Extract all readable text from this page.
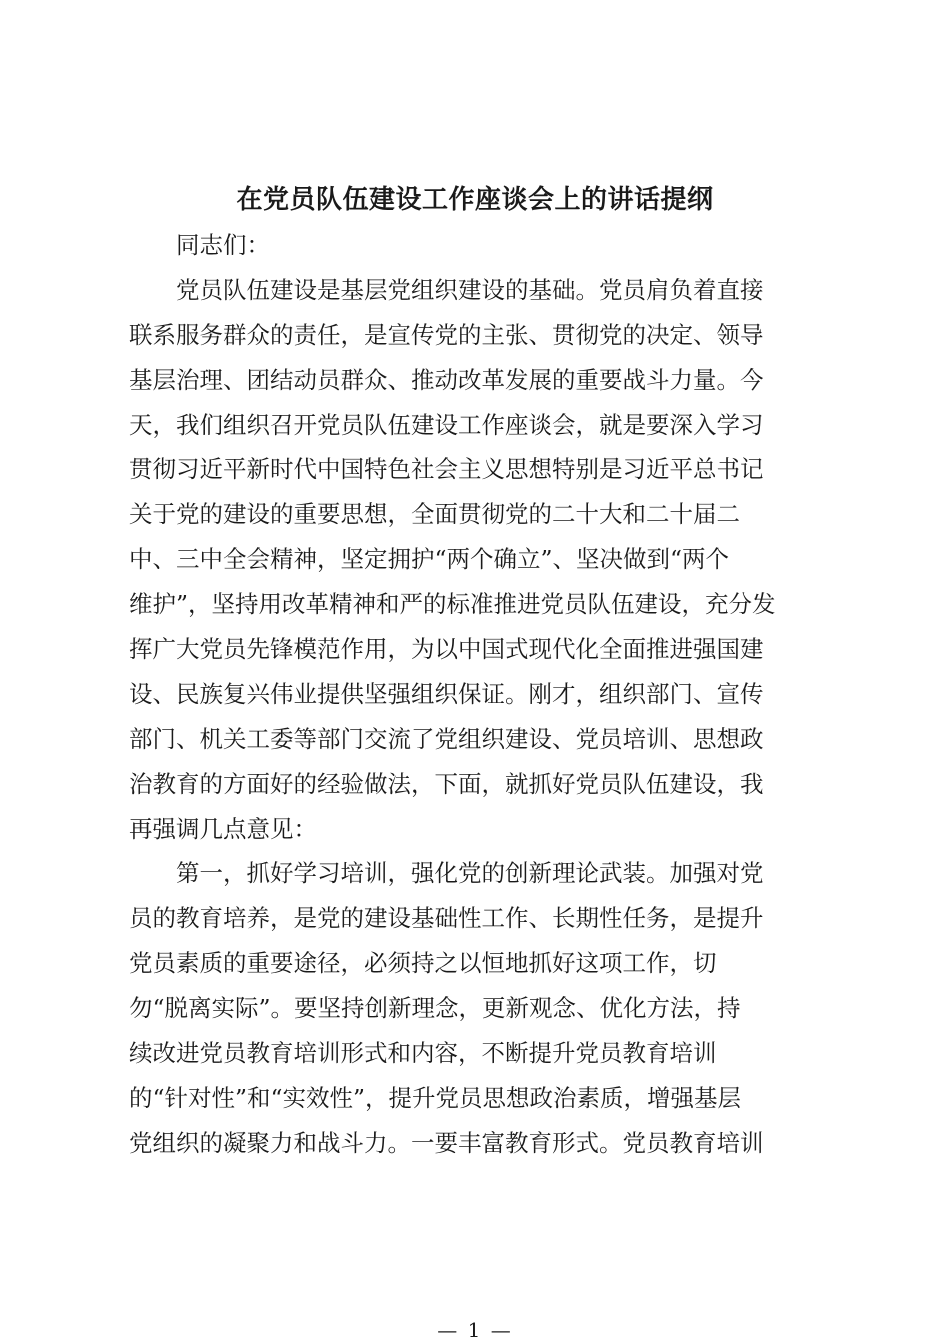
在党员队伍建设工作座谈会上的讲话提纲
同志们：
党员队伍建设是基层党组织建设的基础。党员肩负着直接
联系服务群众的责任，是宣传党的主张、贯彻党的决定、领导
基层治理、团结动员群众、推动改革发展的重要战斗力量。今
天，我们组织召开党员队伍建设工作座谈会，就是要深入学习
贯彻习近平新时代中国特色社会主义思想特别是习近平总书记
关于党的建设的重要思想，全面贯彻党的二十大和二十届二
中、三中全会精神，坚定拥护“两个确立”、坚决做到“两个
维护”，坚持用改革精神和严的标准推进党员队伍建设，充分发
挥广大党员先锋模范作用，为以中国式现代化全面推进强国建
设、民族复兴伟业提供坚强组织保证。刚才，组织部门、宣传
部门、机关工委等部门交流了党组织建设、党员培训、思想政
治教育的方面好的经验做法，下面，就抓好党员队伍建设，我
再强调几点意见：
第一，抓好学习培训，强化党的创新理论武装。加强对党
员的教育培养，是党的建设基础性工作、长期性任务，是提升
党员素质的重要途径，必须持之以恒地抓好这项工作，切
勿“脱离实际”。要坚持创新理念，更新观念、优化方法，持
续改进党员教育培训形式和内容，不断提升党员教育培训
的“针对性”和“实效性”，提升党员思想政治素质，增强基层
党组织的凝聚力和战斗力。一要丰富教育形式。党员教育培训
— 1 —
